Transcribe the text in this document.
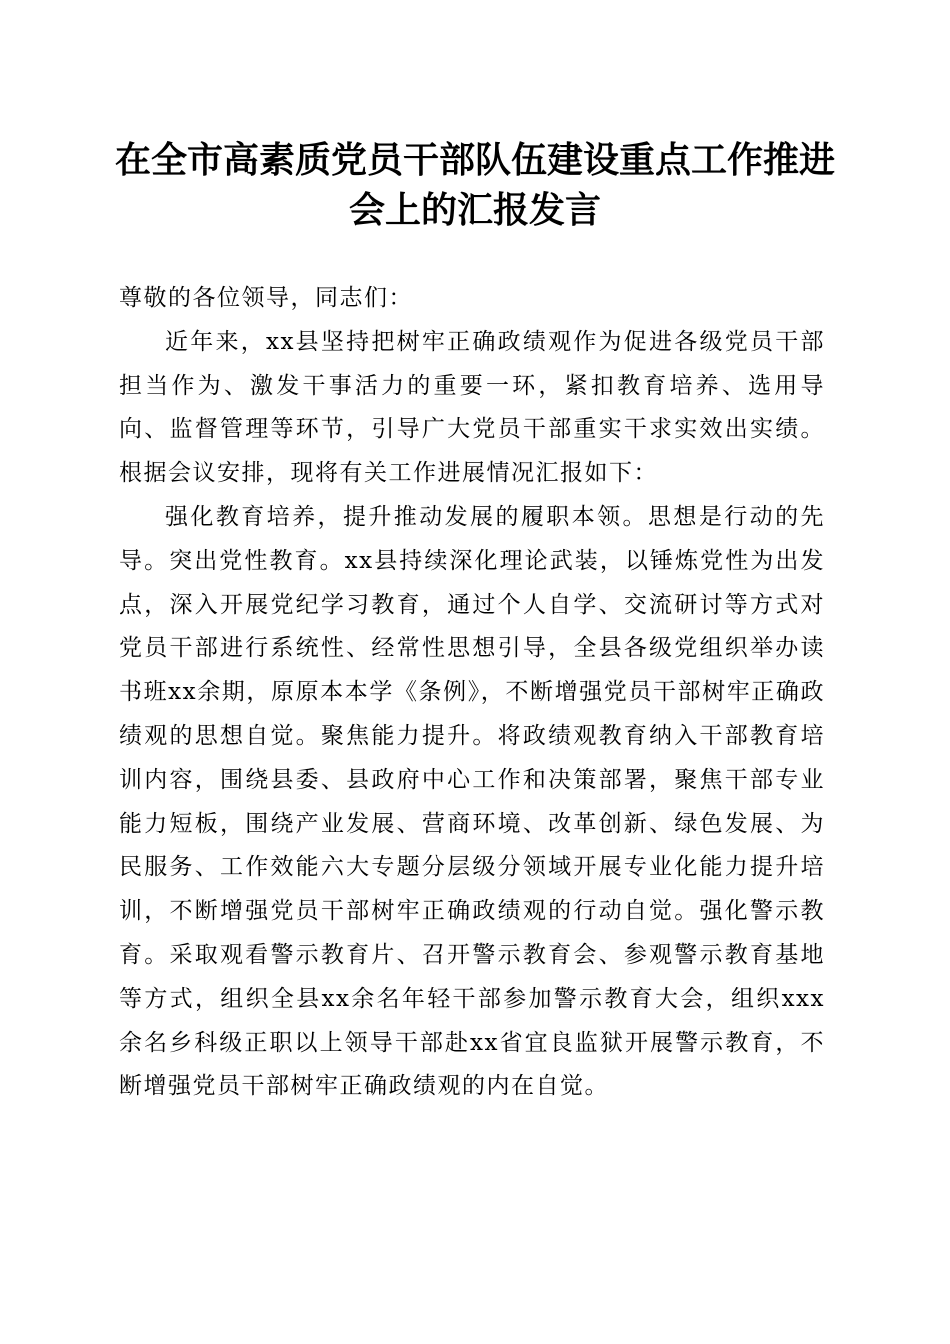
在全市高素质党员干部队伍建设重点工作推进会上的汇报发言

尊敬的各位领导，同志们：

近年来，xx县坚持把树牢正确政绩观作为促进各级党员干部担当作为、激发干事活力的重要一环，紧扣教育培养、选用导向、监督管理等环节，引导广大党员干部重实干求实效出实绩。根据会议安排，现将有关工作进展情况汇报如下：

强化教育培养，提升推动发展的履职本领。思想是行动的先导。突出党性教育。xx县持续深化理论武装，以锤炼党性为出发点，深入开展党纪学习教育，通过个人自学、交流研讨等方式对党员干部进行系统性、经常性思想引导，全县各级党组织举办读书班xx余期，原原本本学《条例》，不断增强党员干部树牢正确政绩观的思想自觉。聚焦能力提升。将政绩观教育纳入干部教育培训内容，围绕县委、县政府中心工作和决策部署，聚焦干部专业能力短板，围绕产业发展、营商环境、改革创新、绿色发展、为民服务、工作效能六大专题分层级分领域开展专业化能力提升培训，不断增强党员干部树牢正确政绩观的行动自觉。强化警示教育。采取观看警示教育片、召开警示教育会、参观警示教育基地等方式，组织全县xx余名年轻干部参加警示教育大会，组织xxx余名乡科级正职以上领导干部赴xx省宜良监狱开展警示教育，不断增强党员干部树牢正确政绩观的内在自觉。
